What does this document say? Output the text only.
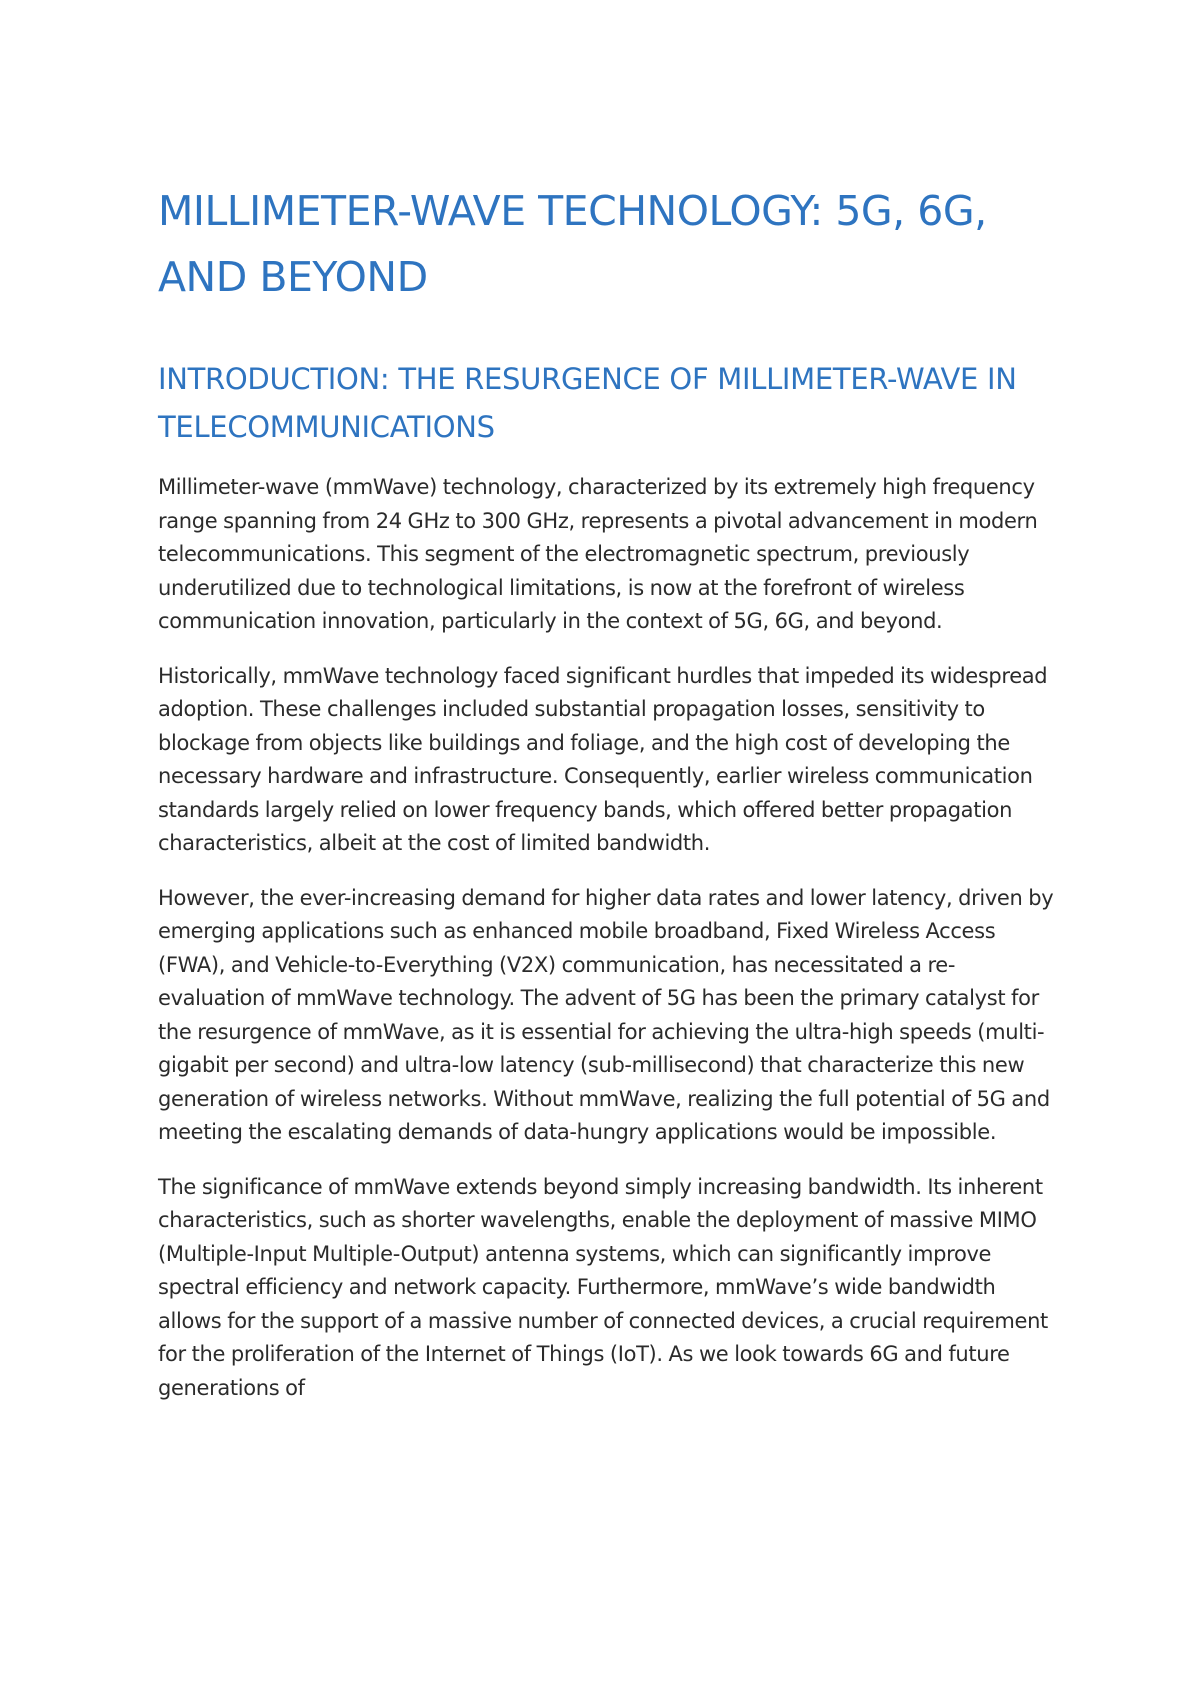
MILLIMETER-WAVE TECHNOLOGY: 5G, 6G, AND BEYOND
INTRODUCTION: THE RESURGENCE OF MILLIMETER-WAVE IN TELECOMMUNICATIONS

Millimeter-wave (mmWave) technology, characterized by its extremely high frequency range spanning from 24 GHz to 300 GHz, represents a pivotal advancement in modern telecommunications. This segment of the electromagnetic spectrum, previously underutilized due to technological limitations, is now at the forefront of wireless communication innovation, particularly in the context of 5G, 6G, and beyond.

Historically, mmWave technology faced significant hurdles that impeded its widespread adoption. These challenges included substantial propagation losses, sensitivity to blockage from objects like buildings and foliage, and the high cost of developing the necessary hardware and infrastructure. Consequently, earlier wireless communication standards largely relied on lower frequency bands, which offered better propagation characteristics, albeit at the cost of limited bandwidth.

However, the ever-increasing demand for higher data rates and lower latency, driven by emerging applications such as enhanced mobile broadband, Fixed Wireless Access (FWA), and Vehicle-to-Everything (V2X) communication, has necessitated a re-evaluation of mmWave technology. The advent of 5G has been the primary catalyst for the resurgence of mmWave, as it is essential for achieving the ultra-high speeds (multi-gigabit per second) and ultra-low latency (sub-millisecond) that characterize this new generation of wireless networks. Without mmWave, realizing the full potential of 5G and meeting the escalating demands of data-hungry applications would be impossible.

The significance of mmWave extends beyond simply increasing bandwidth. Its inherent characteristics, such as shorter wavelengths, enable the deployment of massive MIMO (Multiple-Input Multiple-Output) antenna systems, which can significantly improve spectral efficiency and network capacity. Furthermore, mmWave’s wide bandwidth allows for the support of a massive number of connected devices, a crucial requirement for the proliferation of the Internet of Things (IoT). As we look towards 6G and future generations of
